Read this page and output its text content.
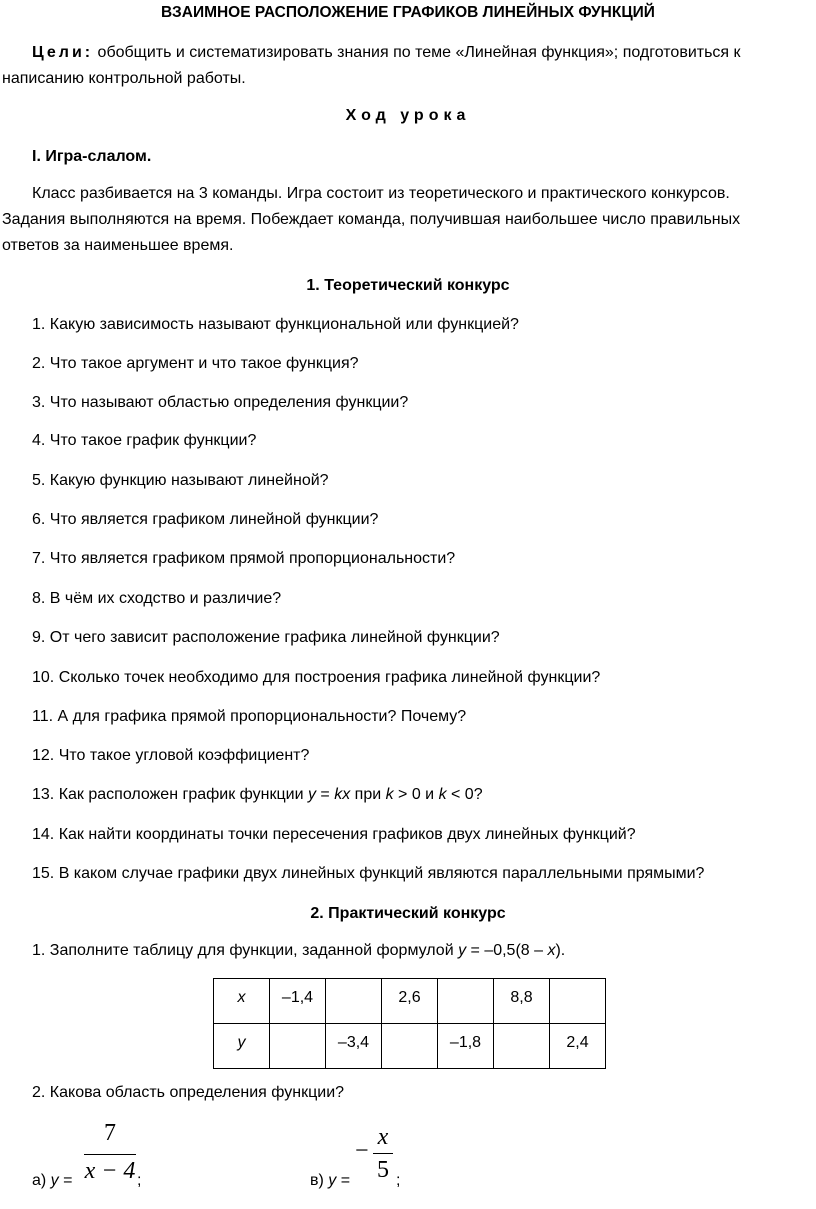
ВЗАИМНОЕ РАСПОЛОЖЕНИЕ ГРАФИКОВ ЛИНЕЙНЫХ ФУНКЦИЙ
Цели: обобщить и систематизировать знания по теме «Линейная функция»; подготовиться к
написанию контрольной работы.
Ход урока
I. Игра-слалом.
Класс разбивается на 3 команды. Игра состоит из теоретического и практического конкурсов.
Задания выполняются на время. Побеждает команда, получившая наибольшее число правильных
ответов за наименьшее время.
1. Теоретический конкурс
1. Какую зависимость называют функциональной или функцией?
2. Что такое аргумент и что такое функция?
3. Что называют областью определения функции?
4. Что такое график функции?
5. Какую функцию называют линейной?
6. Что является графиком линейной функции?
7. Что является графиком прямой пропорциональности?
8. В чём их сходство и различие?
9. От чего зависит расположение графика линейной функции?
10. Сколько точек необходимо для построения графика линейной функции?
11. А для графика прямой пропорциональности? Почему?
12. Что такое угловой коэффициент?
13. Как расположен график функции y = kx при k > 0 и k < 0?
14. Как найти координаты точки пересечения графиков двух линейных функций?
15. В каком случае графики двух линейных функций являются параллельными прямыми?
2. Практический конкурс
1. Заполните таблицу для функции, заданной формулой y = –0,5(8 – x).
x	–1,4		2,6		8,8	

y		–3,4		–1,8		2,4
2. Какова область определения функции?
а) y =
7
x − 4 ;	в) y =
−
x
5 ;
